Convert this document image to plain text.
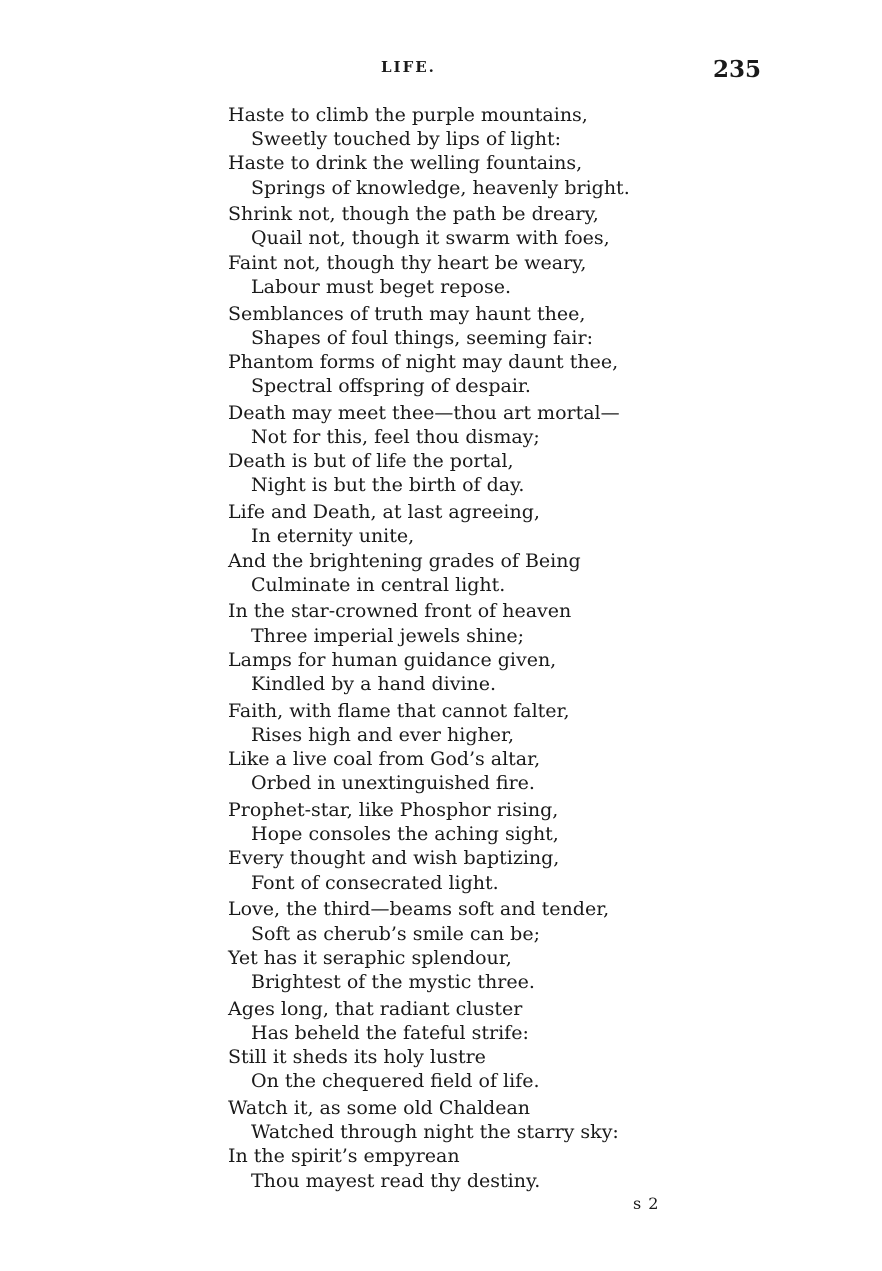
LIFE.	235
Haste to climb the purple mountains,
Sweetly touched by lips of light:
Haste to drink the welling fountains,
Springs of knowledge, heavenly bright.
Shrink not, though the path be dreary,
Quail not, though it swarm with foes,
Faint not, though thy heart be weary,
Labour must beget repose.
Semblances of truth may haunt thee,
Shapes of foul things, seeming fair:
Phantom forms of night may daunt thee,
Spectral offspring of despair.
Death may meet thee—thou art mortal—
Not for this, feel thou dismay;
Death is but of life the portal,
Night is but the birth of day.
Life and Death, at last agreeing,
In eternity unite,
And the brightening grades of Being
Culminate in central light.
In the star-crowned front of heaven
Three imperial jewels shine;
Lamps for human guidance given,
Kindled by a hand divine.
Faith, with flame that cannot falter,
Rises high and ever higher,
Like a live coal from God’s altar,
Orbed in unextinguished fire.
Prophet-star, like Phosphor rising,
Hope consoles the aching sight,
Every thought and wish baptizing,
Font of consecrated light.
Love, the third—beams soft and tender,
Soft as cherub’s smile can be;
Yet has it seraphic splendour,
Brightest of the mystic three.
Ages long, that radiant cluster
Has beheld the fateful strife:
Still it sheds its holy lustre
On the chequered field of life.
Watch it, as some old Chaldean
Watched through night the starry sky:
In the spirit’s empyrean
Thou mayest read thy destiny.
s 2
